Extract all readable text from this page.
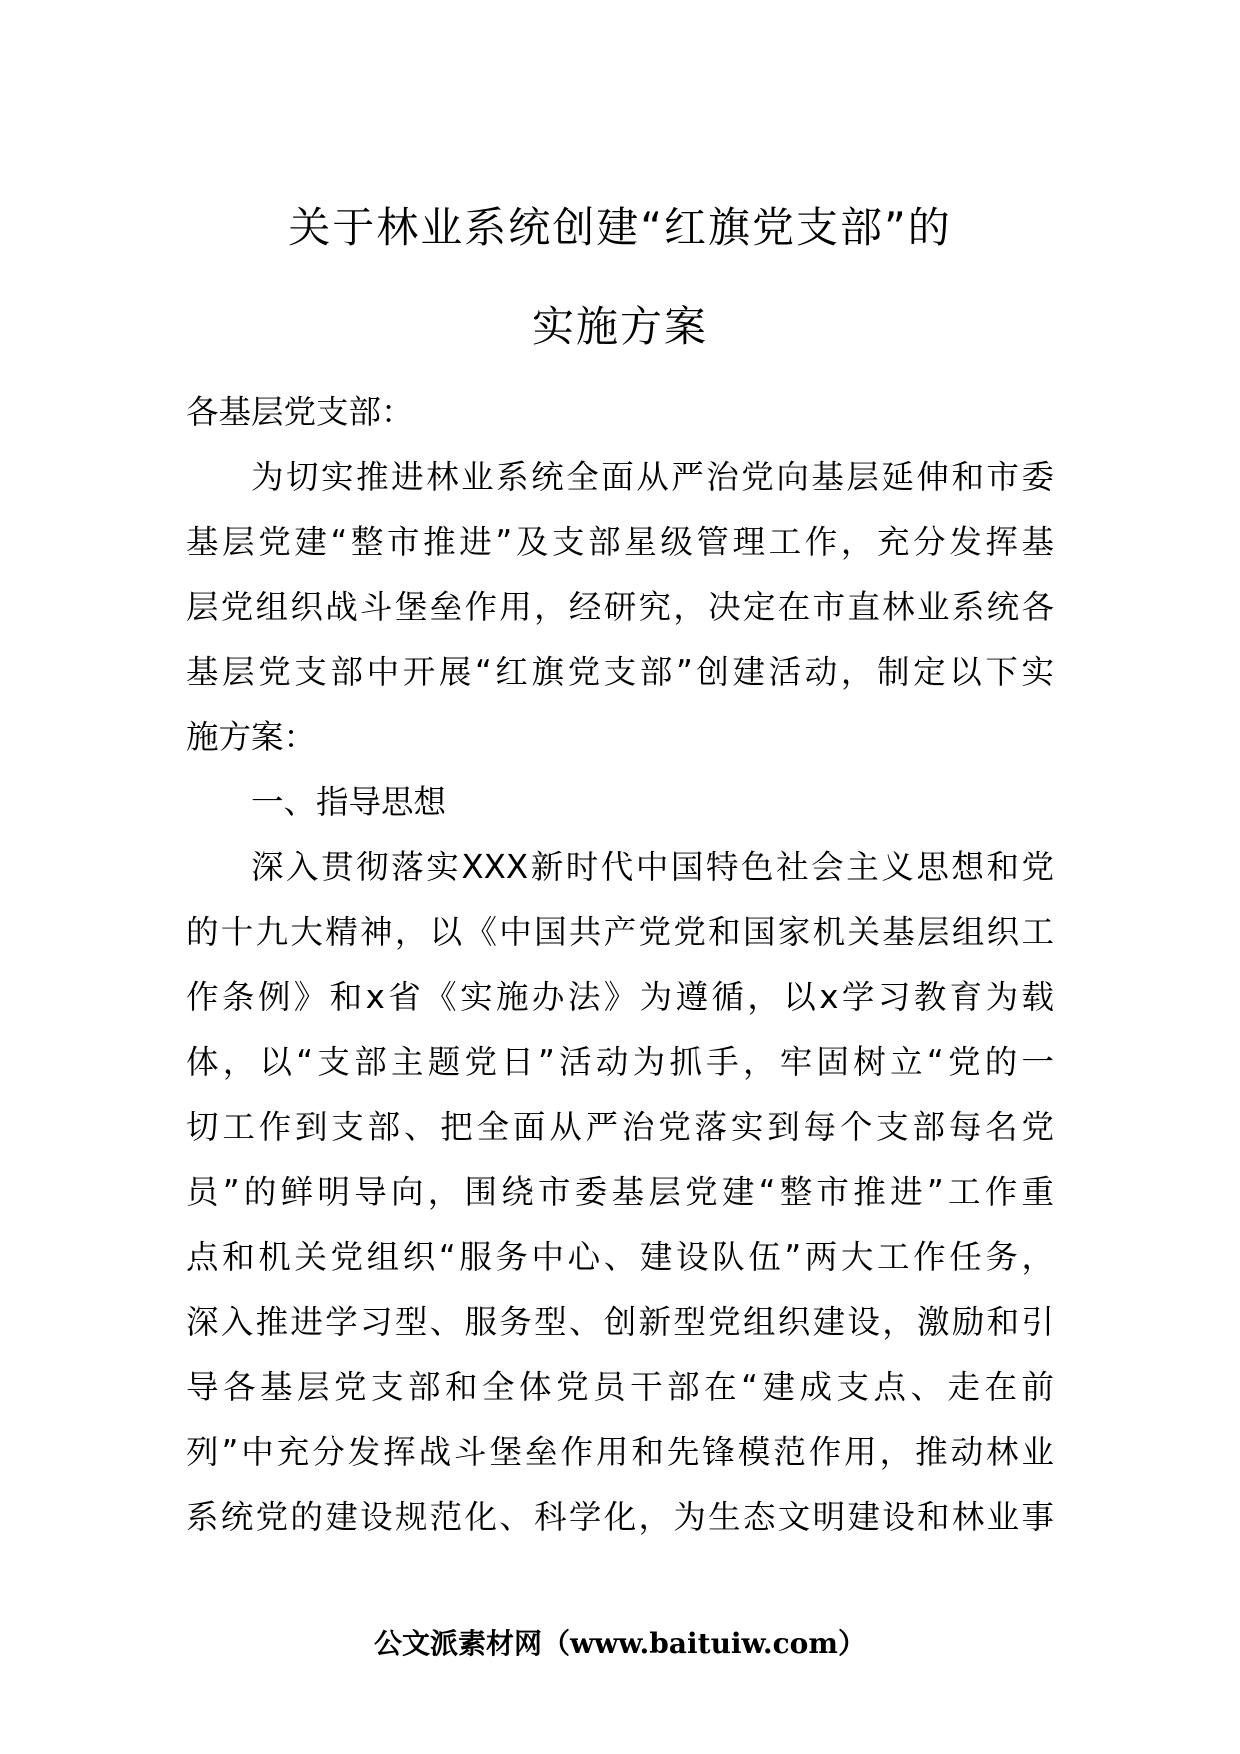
关于林业系统创建“红旗党支部”的
实施方案
各基层党支部：
为切实推进林业系统全面从严治党向基层延伸和市委
基层党建“整市推进”及支部星级管理工作，充分发挥基
层党组织战斗堡垒作用，经研究，决定在市直林业系统各
基层党支部中开展“红旗党支部”创建活动，制定以下实
施方案：
一、指导思想
深入贯彻落实XXX新时代中国特色社会主义思想和党
的十九大精神，以《中国共产党党和国家机关基层组织工
作条例》和x省《实施办法》为遵循，以x学习教育为载
体，以“支部主题党日”活动为抓手，牢固树立“党的一
切工作到支部、把全面从严治党落实到每个支部每名党
员”的鲜明导向，围绕市委基层党建“整市推进”工作重
点和机关党组织“服务中心、建设队伍”两大工作任务，
深入推进学习型、服务型、创新型党组织建设，激励和引
导各基层党支部和全体党员干部在“建成支点、走在前
列”中充分发挥战斗堡垒作用和先锋模范作用，推动林业
系统党的建设规范化、科学化，为生态文明建设和林业事
公文派素材网（www.baituiw.com）
